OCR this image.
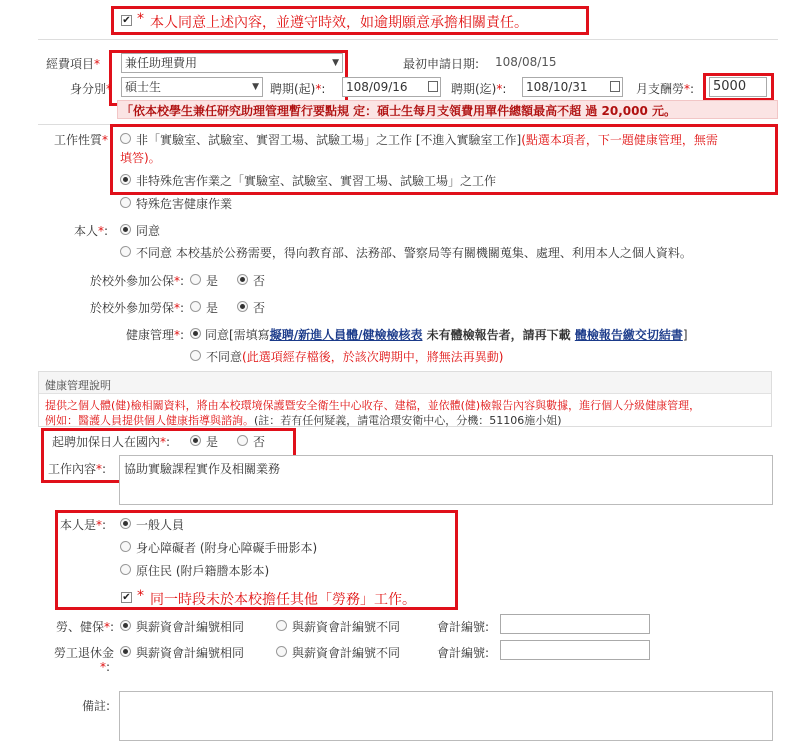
✔ * 本人同意上述內容，並遵守時效，如逾期願意承擔相關責任。
經費項目*	兼任助理費用	▼	最初申請日期: 108/08/15
身分別*	碩士生	▼ 聘期(起)*:	108/09/16	聘期(迄)*:	108/10/31	月支酬勞*:	5000
「依本校學生兼任研究助理管理暫行要點規 定：碩士生每月支領費用單件總額最高不超 過 20,000 元。
工作性質* 非「實驗室、試驗室、實習工場、試驗工場」之工作 [不進入實驗室工作](點選本項者，下一題健康管理，無需
填答)。
非特殊危害作業之「實驗室、試驗室、實習工場、試驗工場」之工作
特殊危害健康作業
本人*: 同意
不同意 本校基於公務需要，得向教育部、法務部、警察局等有關機關蒐集、處理、利用本人之個人資料。
於校外參加公保*: 是	否
於校外參加勞保*: 是	否
健康管理*: 同意[需填寫擬聘/新進人員體/健檢檢核表 未有體檢報告者，請再下載 體檢報告繳交切結書]
不同意(此選項經存檔後，於該次聘期中，將無法再異動)
健康管理說明
提供之個人體(健)檢相關資料，將由本校環境保護暨安全衛生中心收存、建檔，並依體(健)檢報告內容與數據，進行個人分級健康管理，
例如：醫護人員提供個人健康指導與諮詢。(註：若有任何疑義，請電洽環安衛中心，分機：51106施小姐)
起聘加保日人在國內*:	是	否
工作內容*: 協助實驗課程實作及相關業務
本人是*: 一般人員
身心障礙者 (附身心障礙手冊影本)
原住民 (附戶籍謄本影本)
✔ * 同一時段未於本校擔任其他「勞務」工作。
勞、健保*: 與薪資會計編號相同	與薪資會計編號不同	會計編號:
勞工退休金
*:
與薪資會計編號相同	與薪資會計編號不同	會計編號:
備註:
